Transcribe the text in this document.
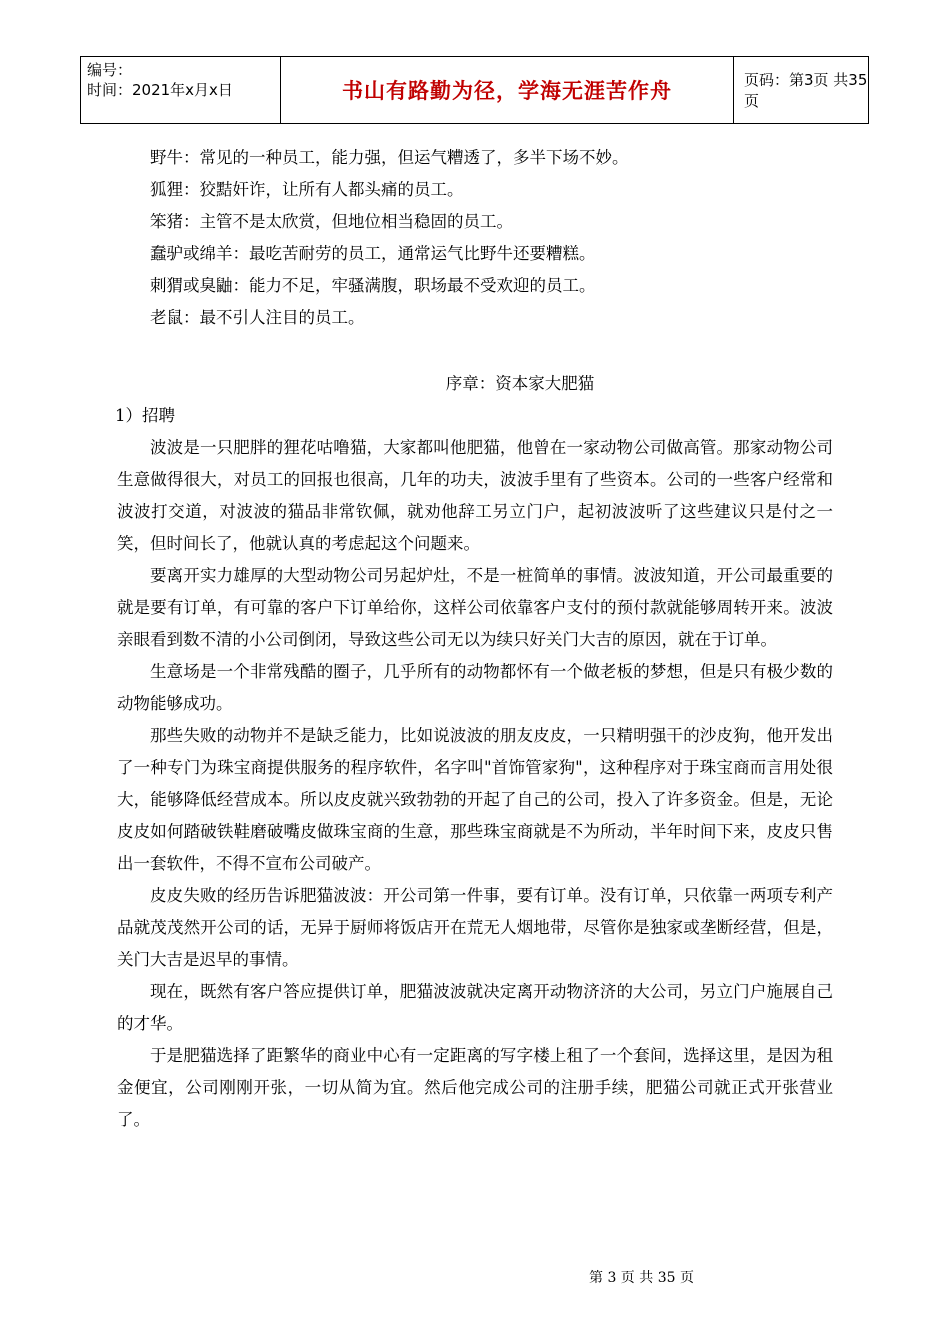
编号：
时间：2021年x月x日	书山有路勤为径，学海无涯苦作舟	页码：第3页 共35页
野牛：常见的一种员工，能力强，但运气糟透了，多半下场不妙。
狐狸：狡黠奸诈，让所有人都头痛的员工。
笨猪：主管不是太欣赏，但地位相当稳固的员工。
蠢驴或绵羊：最吃苦耐劳的员工，通常运气比野牛还要糟糕。
刺猬或臭鼬：能力不足，牢骚满腹，职场最不受欢迎的员工。
老鼠：最不引人注目的员工。
序章：资本家大肥猫
1）招聘
波波是一只肥胖的狸花咕噜猫，大家都叫他肥猫，他曾在一家动物公司做高管。那家动物公司生意做得很大，对员工的回报也很高，几年的功夫，波波手里有了些资本。公司的一些客户经常和波波打交道，对波波的猫品非常钦佩，就劝他辞工另立门户，起初波波听了这些建议只是付之一笑，但时间长了，他就认真的考虑起这个问题来。
要离开实力雄厚的大型动物公司另起炉灶，不是一桩简单的事情。波波知道，开公司最重要的就是要有订单，有可靠的客户下订单给你，这样公司依靠客户支付的预付款就能够周转开来。波波亲眼看到数不清的小公司倒闭，导致这些公司无以为续只好关门大吉的原因，就在于订单。
生意场是一个非常残酷的圈子，几乎所有的动物都怀有一个做老板的梦想，但是只有极少数的动物能够成功。
那些失败的动物并不是缺乏能力，比如说波波的朋友皮皮，一只精明强干的沙皮狗，他开发出了一种专门为珠宝商提供服务的程序软件，名字叫"首饰管家狗"，这种程序对于珠宝商而言用处很大，能够降低经营成本。所以皮皮就兴致勃勃的开起了自己的公司，投入了许多资金。但是，无论皮皮如何踏破铁鞋磨破嘴皮做珠宝商的生意，那些珠宝商就是不为所动，半年时间下来，皮皮只售出一套软件，不得不宣布公司破产。
皮皮失败的经历告诉肥猫波波：开公司第一件事，要有订单。没有订单，只依靠一两项专利产品就茂茂然开公司的话，无异于厨师将饭店开在荒无人烟地带，尽管你是独家或垄断经营，但是，关门大吉是迟早的事情。
现在，既然有客户答应提供订单，肥猫波波就决定离开动物济济的大公司，另立门户施展自己的才华。
于是肥猫选择了距繁华的商业中心有一定距离的写字楼上租了一个套间，选择这里，是因为租金便宜，公司刚刚开张，一切从简为宜。然后他完成公司的注册手续，肥猫公司就正式开张营业了。
第 3 页 共 35 页
